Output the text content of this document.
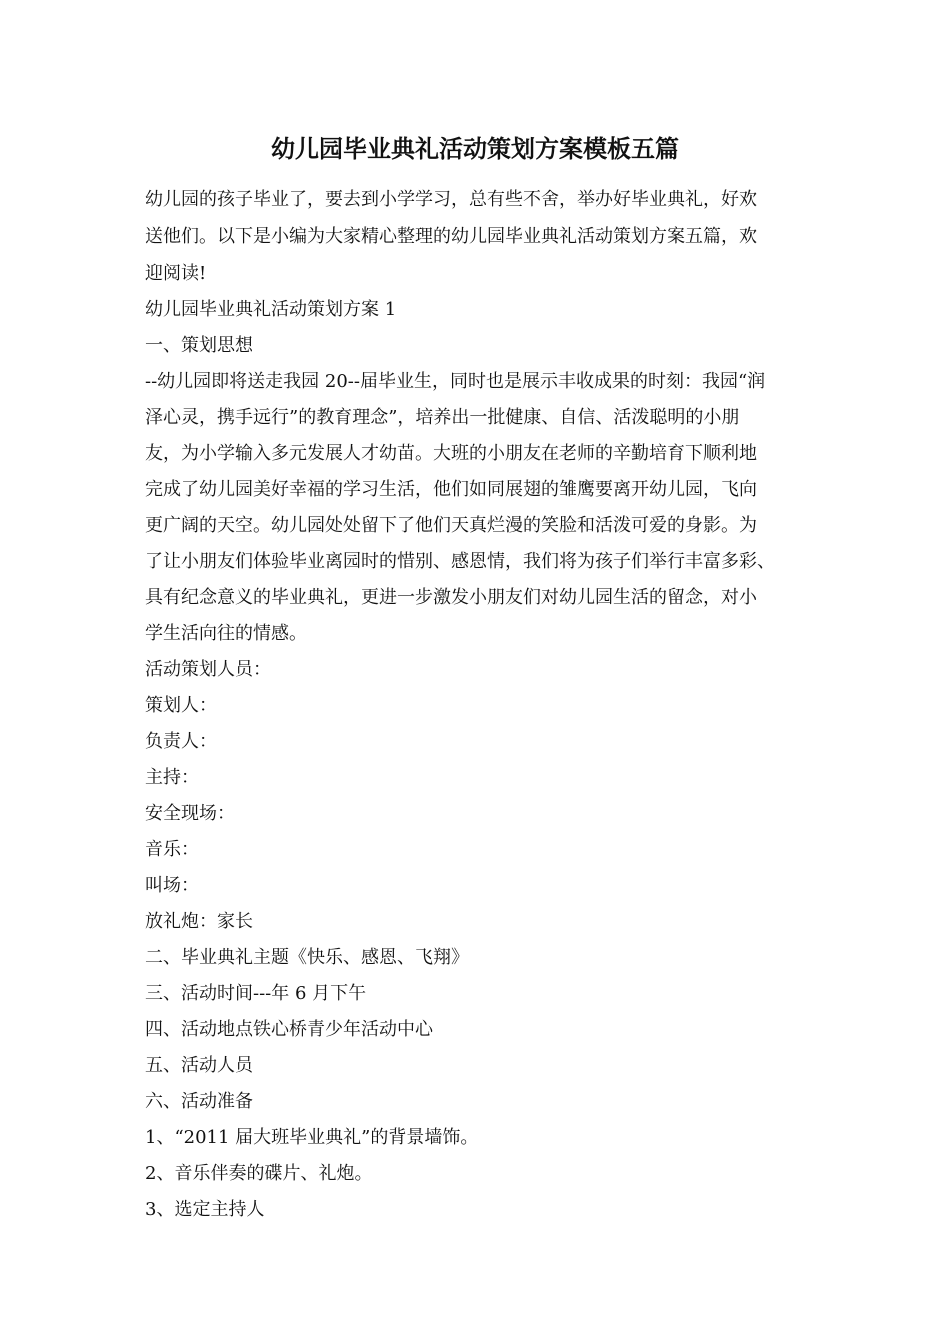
幼儿园毕业典礼活动策划方案模板五篇

幼儿园的孩子毕业了，要去到小学学习，总有些不舍，举办好毕业典礼，好欢

送他们。以下是小编为大家精心整理的幼儿园毕业典礼活动策划方案五篇，欢

迎阅读!

幼儿园毕业典礼活动策划方案 1

一、策划思想

--幼儿园即将送走我园 20--届毕业生，同时也是展示丰收成果的时刻：我园“润

泽心灵，携手远行”的教育理念”，培养出一批健康、自信、活泼聪明的小朋

友，为小学输入多元发展人才幼苗。大班的小朋友在老师的辛勤培育下顺利地

完成了幼儿园美好幸福的学习生活，他们如同展翅的雏鹰要离开幼儿园，飞向

更广阔的天空。幼儿园处处留下了他们天真烂漫的笑脸和活泼可爱的身影。为

了让小朋友们体验毕业离园时的惜别、感恩情，我们将为孩子们举行丰富多彩、

具有纪念意义的毕业典礼，更进一步激发小朋友们对幼儿园生活的留念，对小

学生活向往的情感。

活动策划人员：

策划人：

负责人：

主持：

安全现场：

音乐：

叫场：

放礼炮：家长

二、毕业典礼主题《快乐、感恩、飞翔》

三、活动时间---年 6 月下午

四、活动地点铁心桥青少年活动中心

五、活动人员

六、活动准备

1、“2011 届大班毕业典礼”的背景墙饰。

2、音乐伴奏的碟片、礼炮。

3、选定主持人
